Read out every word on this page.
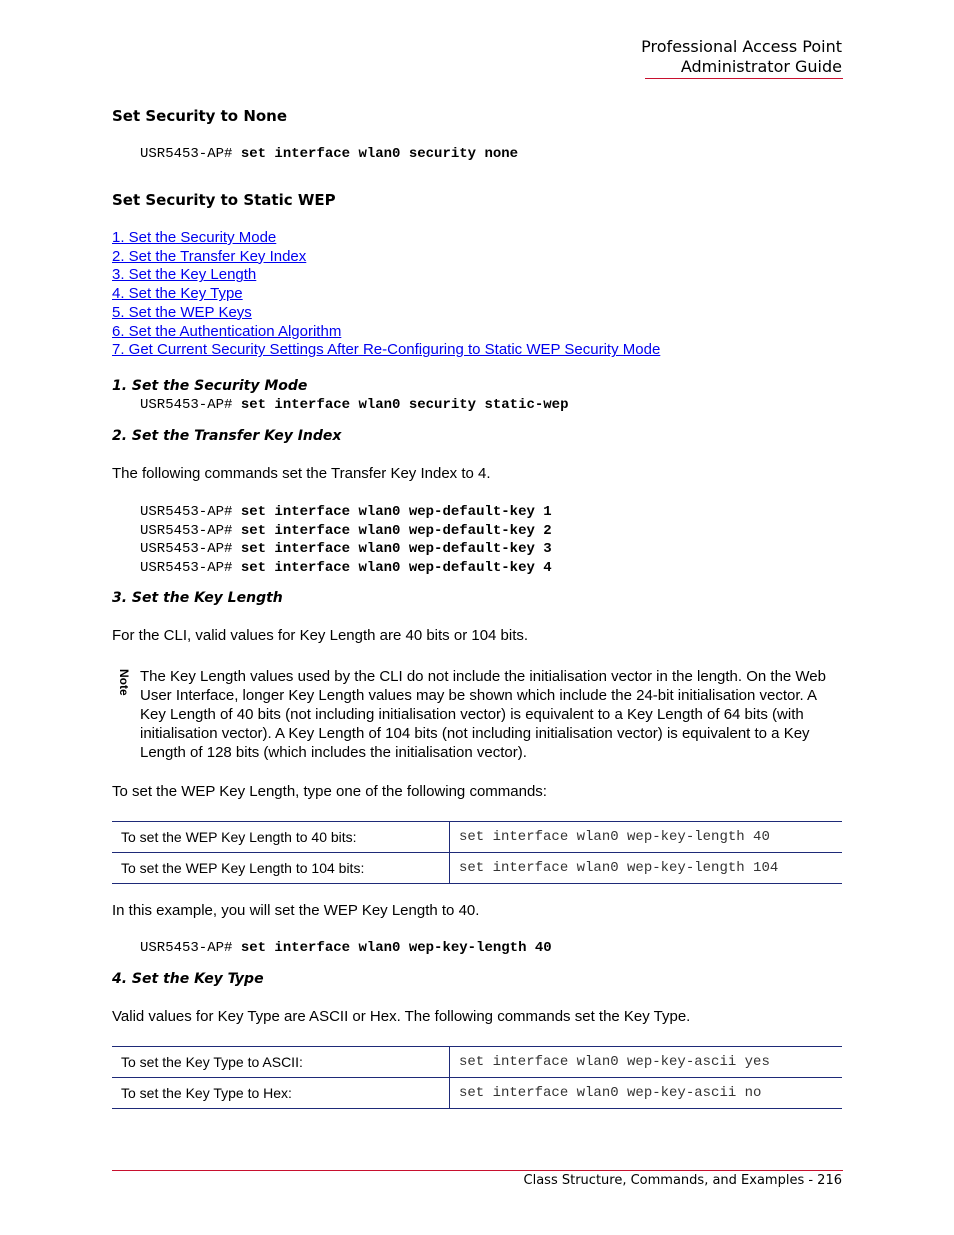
Professional Access Point
Administrator Guide
Set Security to None
USR5453-AP# set interface wlan0 security none
Set Security to Static WEP
1. Set the Security Mode
2. Set the Transfer Key Index
3. Set the Key Length
4. Set the Key Type
5. Set the WEP Keys
6. Set the Authentication Algorithm
7. Get Current Security Settings After Re-Configuring to Static WEP Security Mode
1. Set the Security Mode
USR5453-AP# set interface wlan0 security static-wep
2. Set the Transfer Key Index
The following commands set the Transfer Key Index to 4.
USR5453-AP# set interface wlan0 wep-default-key 1
USR5453-AP# set interface wlan0 wep-default-key 2
USR5453-AP# set interface wlan0 wep-default-key 3
USR5453-AP# set interface wlan0 wep-default-key 4
3. Set the Key Length
For the CLI, valid values for Key Length are 40 bits or 104 bits.
Note The Key Length values used by the CLI do not include the initialisation vector in the length. On the Web User Interface, longer Key Length values may be shown which include the 24-bit initialisation vector. A Key Length of 40 bits (not including initialisation vector) is equivalent to a Key Length of 64 bits (with initialisation vector). A Key Length of 104 bits (not including initialisation vector) is equivalent to a Key Length of 128 bits (which includes the initialisation vector).
To set the WEP Key Length, type one of the following commands:
To set the WEP Key Length to 40 bits:	set interface wlan0 wep-key-length 40
To set the WEP Key Length to 104 bits:	set interface wlan0 wep-key-length 104
In this example, you will set the WEP Key Length to 40.
USR5453-AP# set interface wlan0 wep-key-length 40
4. Set the Key Type
Valid values for Key Type are ASCII or Hex. The following commands set the Key Type.
To set the Key Type to ASCII:	set interface wlan0 wep-key-ascii yes
To set the Key Type to Hex:	set interface wlan0 wep-key-ascii no
Class Structure, Commands, and Examples - 216
